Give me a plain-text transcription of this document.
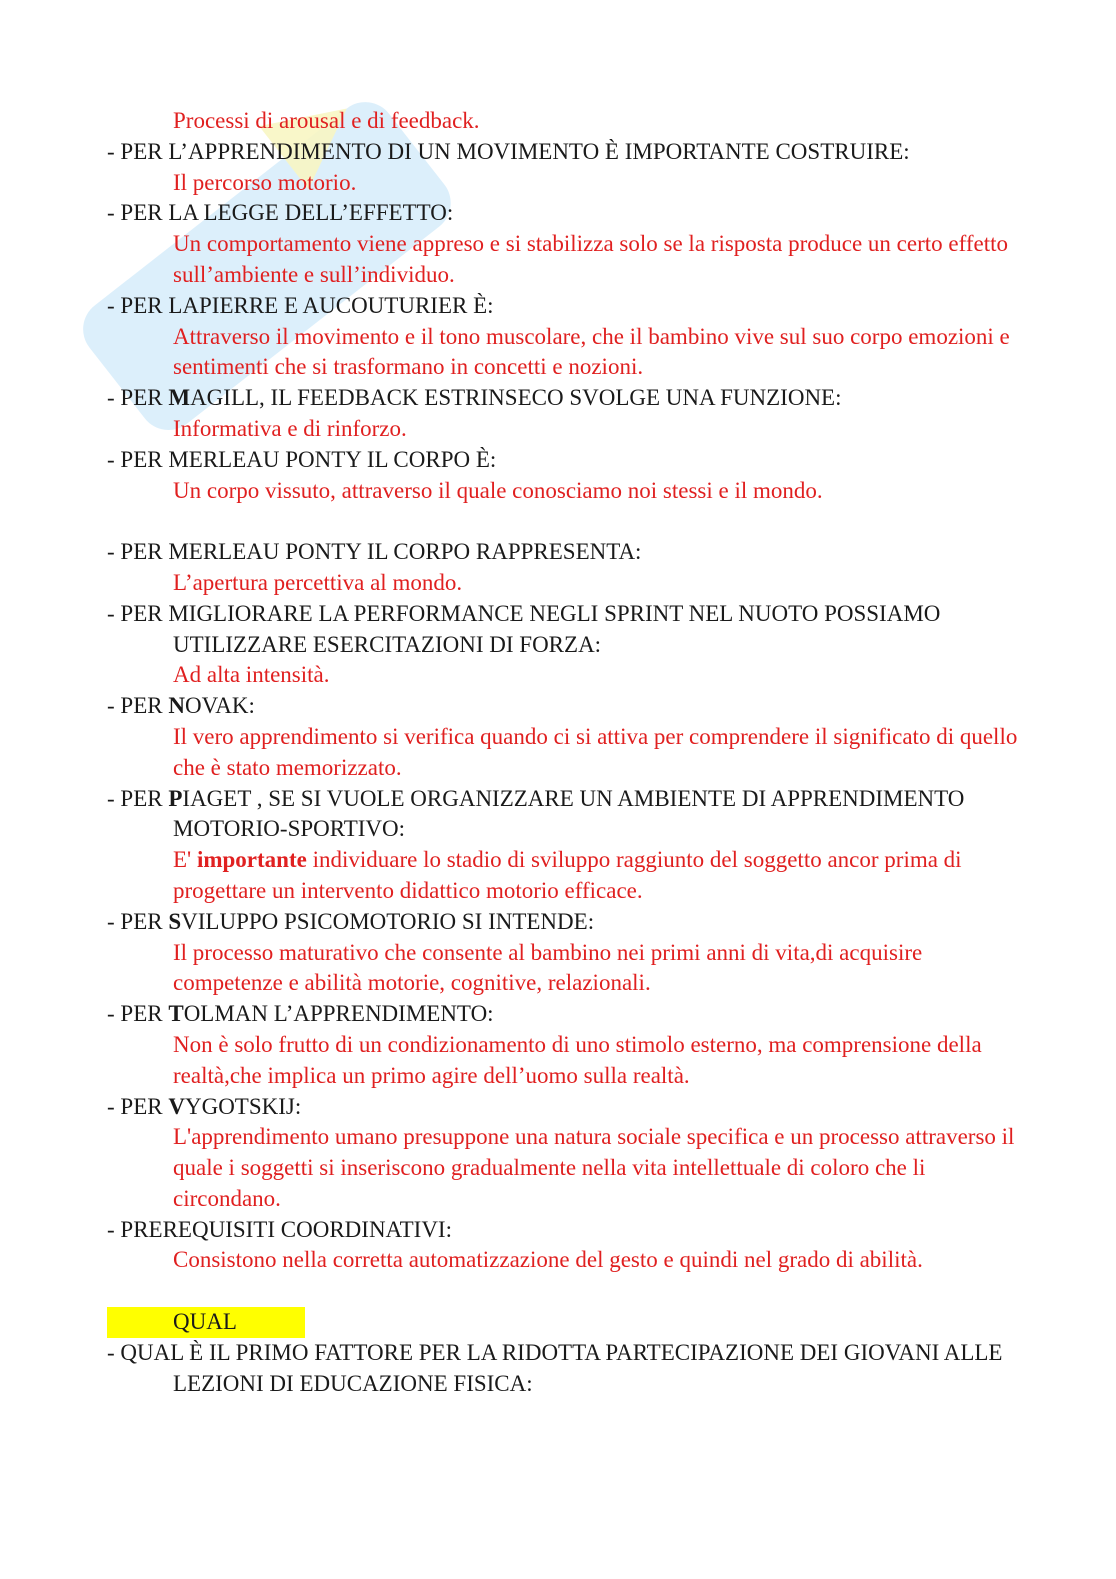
Processi di arousal e di feedback.

- PER L’APPRENDIMENTO DI UN MOVIMENTO È IMPORTANTE COSTRUIRE:

Il percorso motorio.

- PER LA LEGGE DELL’EFFETTO:

Un comportamento viene appreso e si stabilizza solo se la risposta produce un certo effetto sull’ambiente e sull’individuo.

- PER LAPIERRE E AUCOUTURIER È:

Attraverso il movimento e il tono muscolare, che il bambino vive sul suo corpo emozioni e sentimenti che si trasformano in concetti e nozioni.

- PER MAGILL, IL FEEDBACK ESTRINSECO SVOLGE UNA FUNZIONE:

Informativa e di rinforzo.

- PER MERLEAU PONTY IL CORPO È:

Un corpo vissuto, attraverso il quale conosciamo noi stessi e il mondo.

- PER MERLEAU PONTY IL CORPO RAPPRESENTA:

L’apertura percettiva al mondo.

- PER MIGLIORARE LA PERFORMANCE NEGLI SPRINT NEL NUOTO POSSIAMO UTILIZZARE ESERCITAZIONI DI FORZA:

Ad alta intensità.

- PER NOVAK:

Il vero apprendimento si verifica quando ci si attiva per comprendere il significato di quello che è stato memorizzato.

- PER PIAGET , SE SI VUOLE ORGANIZZARE UN AMBIENTE DI APPRENDIMENTO MOTORIO-SPORTIVO:

E' importante individuare lo stadio di sviluppo raggiunto del soggetto ancor prima di progettare un intervento didattico motorio efficace.

- PER SVILUPPO PSICOMOTORIO SI INTENDE:

Il processo maturativo che consente al bambino nei primi anni di vita,di acquisire competenze e abilità motorie, cognitive, relazionali.

- PER TOLMAN L’APPRENDIMENTO:

Non è solo frutto di un condizionamento di uno stimolo esterno, ma comprensione della realtà,che implica un primo agire dell’uomo sulla realtà.

- PER VYGOTSKIJ:

L'apprendimento umano presuppone una natura sociale specifica e un processo attraverso il quale i soggetti si inseriscono gradualmente nella vita intellettuale di coloro che li circondano.

- PREREQUISITI COORDINATIVI:

Consistono nella corretta automatizzazione del gesto e quindi nel grado di abilità.

QUAL

- QUAL È IL PRIMO FATTORE PER LA RIDOTTA PARTECIPAZIONE DEI GIOVANI ALLE LEZIONI DI EDUCAZIONE FISICA:
